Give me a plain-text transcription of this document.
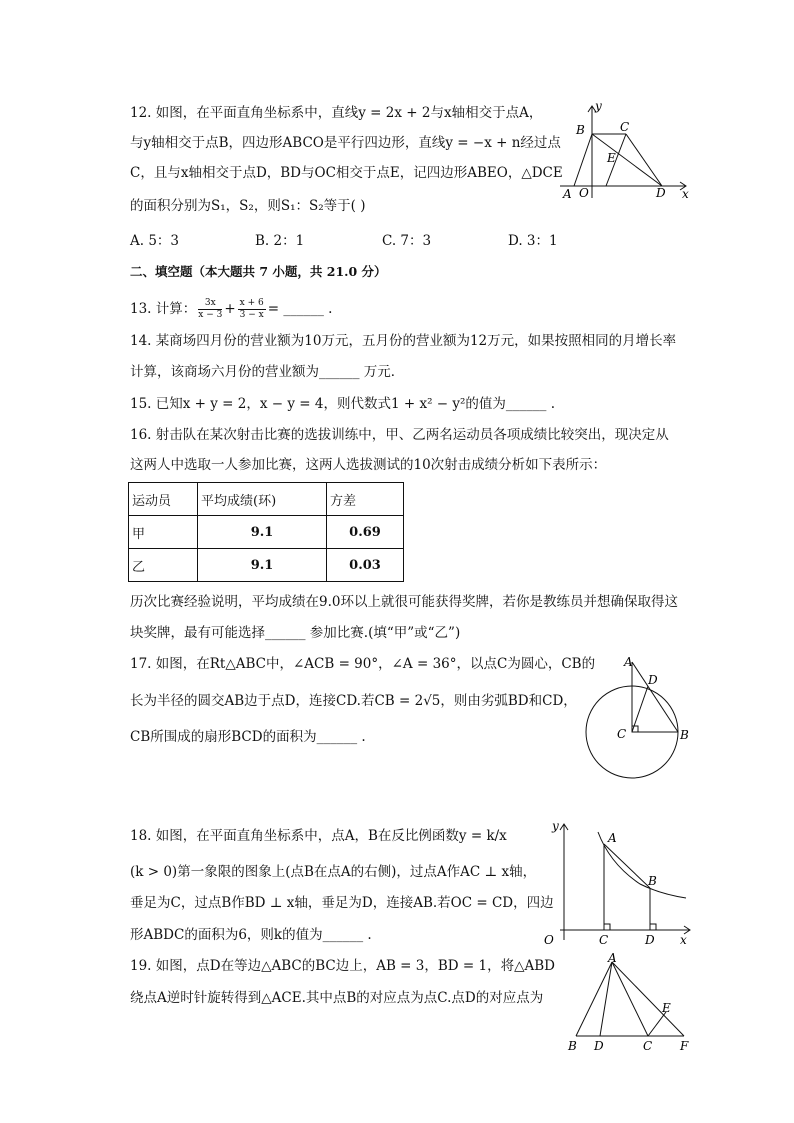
12. 如图，在平面直角坐标系中，直线y = 2x + 2与x轴相交于点A，
与y轴相交于点B，四边形ABCO是平行四边形，直线y = −x + n经过点
C，且与x轴相交于点D，BD与OC相交于点E，记四边形ABEO，△DCE
的面积分别为S₁，S₂，则S₁：S₂等于( )
A. 5：3	B. 2：1	C. 7：3	D. 3：1
B	C
E
A O	D x
y
二、填空题（本大题共 7 小题，共 21.0 分）
13. 计算： $\frac{3x}{x - 3} + \frac{x + 6}{3 - x}$ = ______ .
14. 某商场四月份的营业额为10万元，五月份的营业额为12万元，如果按照相同的月增长率
计算，该商场六月份的营业额为______ 万元．
15. 已知x + y = 2，x − y = 4，则代数式1 + x² − y²的值为______ .
16. 射击队在某次射击比赛的选拔训练中，甲、乙两名运动员各项成绩比较突出，现决定从
这两人中选取一人参加比赛，这两人选拔测试的10次射击成绩分析如下表所示：
运动员	平均成绩(环)	方差
甲	9.1	0.69
乙	9.1	0.03
历次比赛经验说明，平均成绩在9.0环以上就很可能获得奖牌，若你是教练员并想确保取得这
块奖牌，最有可能选择______ 参加比赛.(填“甲”或“乙”)
17. 如图，在Rt△ABC中，∠ACB = 90°，∠A = 36°，以点C为圆心，CB的
长为半径的圆交AB边于点D，连接CD.若CB = 2√5，则由劣弧BD和CD，
CB所围成的扇形BCD的面积为______ .
A
D
C	B
18. 如图，在平面直角坐标系中，点A，B在反比例函数y = k/x
(k > 0)第一象限的图象上(点B在点A的右侧)，过点A作AC ⊥ x轴，
垂足为C，过点B作BD ⊥ x轴，垂足为D，连接AB.若OC = CD，四边
形ABDC的面积为6，则k的值为______ .
A
B
O	C	D x
y
19. 如图，点D在等边△ABC的BC边上，AB = 3，BD = 1，将△ABD
绕点A逆时针旋转得到△ACE.其中点B的对应点为点C.点D的对应点为
A
E
B D	C F
